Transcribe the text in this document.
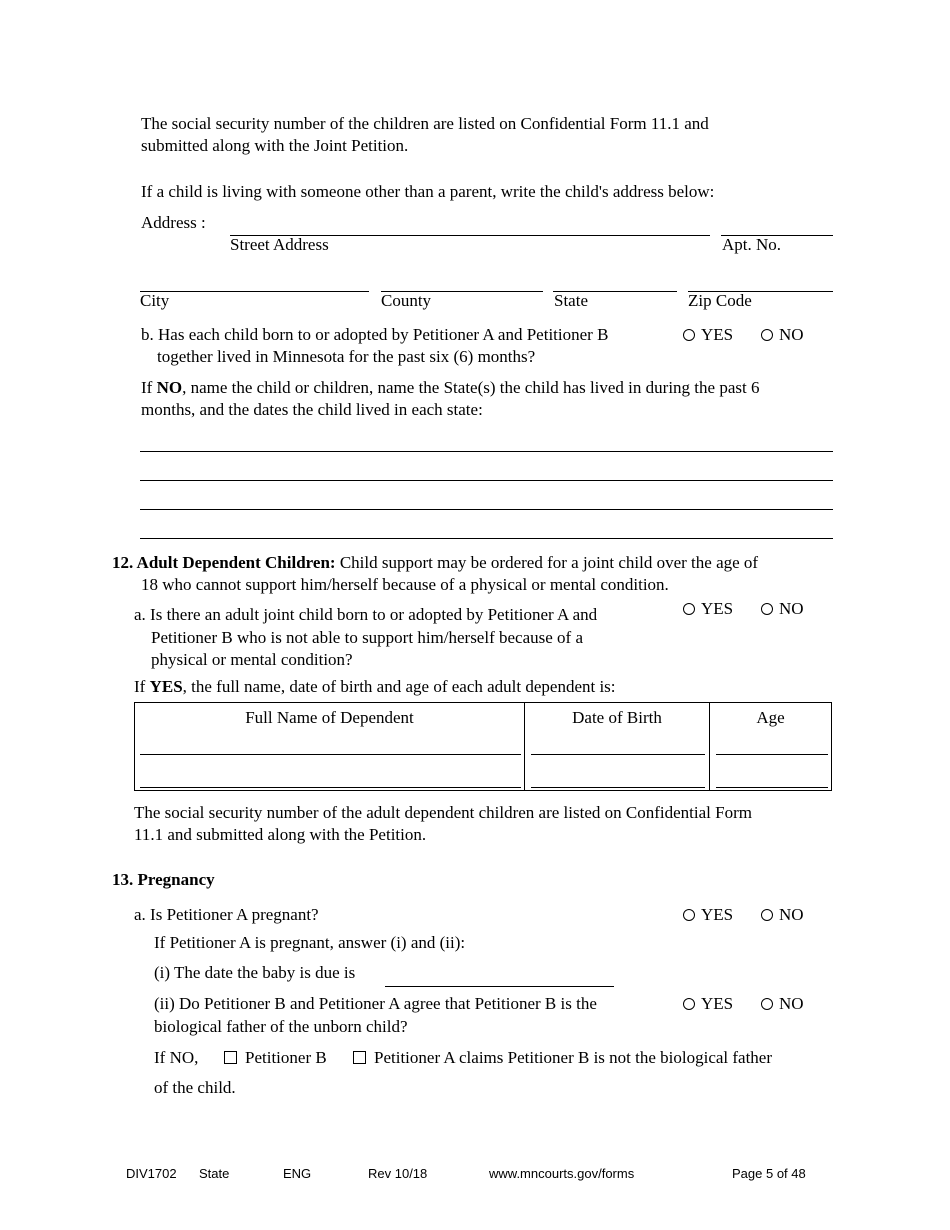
The social security number of the children are listed on Confidential Form 11.1 and
submitted along with the Joint Petition.
If a child is living with someone other than a parent, write the child's address below:
Address :
Street Address	Apt. No.
City	County	State	Zip Code
b. Has each child born to or adopted by Petitioner A and Petitioner B
together lived in Minnesota for the past six (6) months?
YES	NO
If NO, name the child or children, name the State(s) the child has lived in during the past 6
months, and the dates the child lived in each state:
12. Adult Dependent Children: Child support may be ordered for a joint child over the age of
18 who cannot support him/herself because of a physical or mental condition.
a. Is there an adult joint child born to or adopted by Petitioner A and
Petitioner B who is not able to support him/herself because of a
physical or mental condition?
YES	NO
If YES, the full name, date of birth and age of each adult dependent is:
Full Name of Dependent	Date of Birth	Age
The social security number of the adult dependent children are listed on Confidential Form
11.1 and submitted along with the Petition.
13. Pregnancy
a. Is Petitioner A pregnant?	YES	NO
If Petitioner A is pregnant, answer (i) and (ii):
(i) The date the baby is due is
(ii) Do Petitioner B and Petitioner A agree that Petitioner B is the
biological father of the unborn child?
YES	NO
If NO,	Petitioner B	Petitioner A claims Petitioner B is not the biological father
of the child.
DIV1702 State	ENG	Rev 10/18	www.mncourts.gov/forms	Page 5 of 48
